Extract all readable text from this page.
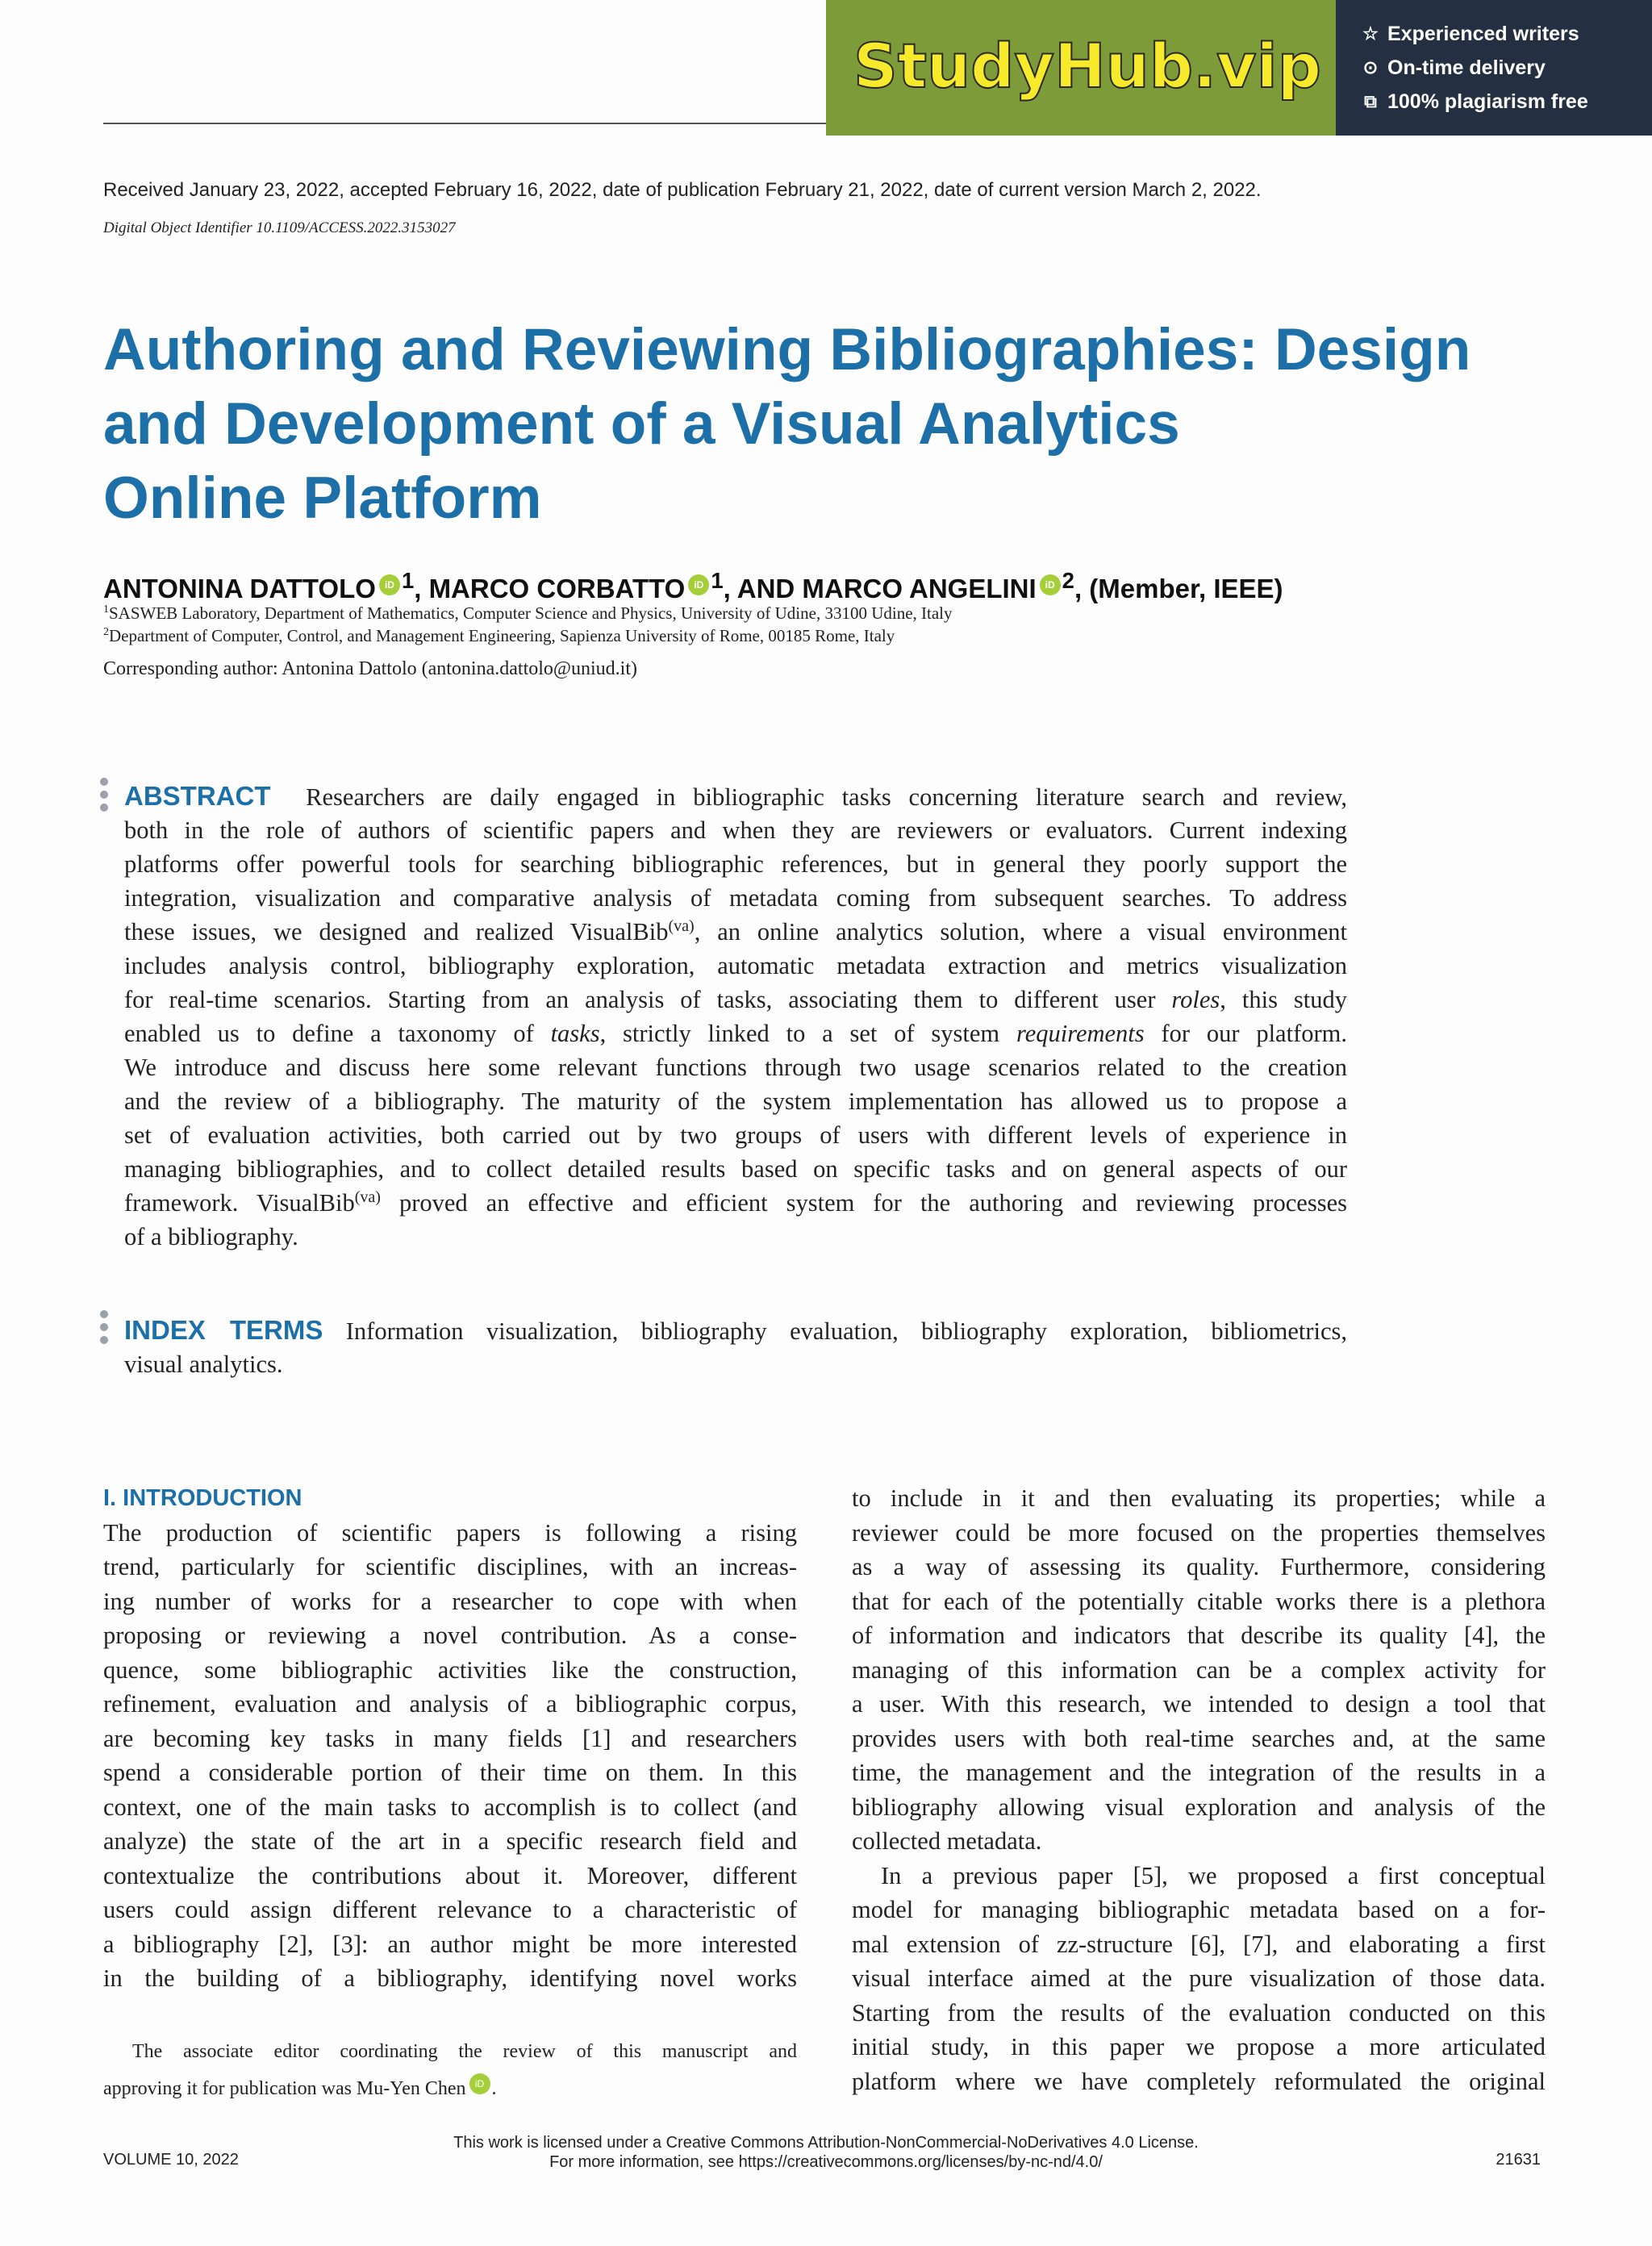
StudyHub.vip ☆ Experienced writers
⊙ On-time delivery
⧉ 100% plagiarism free
Received January 23, 2022, accepted February 16, 2022, date of publication February 21, 2022, date of current version March 2, 2022.
Digital Object Identifier 10.1109/ACCESS.2022.3153027
Authoring and Reviewing Bibliographies: Design
and Development of a Visual Analytics
Online Platform
ANTONINA DATTOLO iD $^1$, MARCO CORBATTO iD $^1$, AND MARCO ANGELINI iD $^2$, (Member, IEEE)
$^1$SASWEB Laboratory, Department of Mathematics, Computer Science and Physics, University of Udine, 33100 Udine, Italy
$^2$Department of Computer, Control, and Management Engineering, Sapienza University of Rome, 00185 Rome, Italy
Corresponding author: Antonina Dattolo (antonina.dattolo@uniud.it)
ABSTRACT Researchers are daily engaged in bibliographic tasks concerning literature search and review,
both in the role of authors of scientific papers and when they are reviewers or evaluators. Current indexing
platforms offer powerful tools for searching bibliographic references, but in general they poorly support the
integration, visualization and comparative analysis of metadata coming from subsequent searches. To address
these issues, we designed and realized VisualBib$^{(va)}$, an online analytics solution, where a visual environment
includes analysis control, bibliography exploration, automatic metadata extraction and metrics visualization
for real-time scenarios. Starting from an analysis of tasks, associating them to different user roles, this study
enabled us to define a taxonomy of tasks, strictly linked to a set of system requirements for our platform.
We introduce and discuss here some relevant functions through two usage scenarios related to the creation
and the review of a bibliography. The maturity of the system implementation has allowed us to propose a
set of evaluation activities, both carried out by two groups of users with different levels of experience in
managing bibliographies, and to collect detailed results based on specific tasks and on general aspects of our
framework. VisualBib$^{(va)}$ proved an effective and efficient system for the authoring and reviewing processes
of a bibliography.
INDEX TERMS Information visualization, bibliography evaluation, bibliography exploration, bibliometrics,
visual analytics.
I. INTRODUCTION
The production of scientific papers is following a rising
trend, particularly for scientific disciplines, with an increas-
ing number of works for a researcher to cope with when
proposing or reviewing a novel contribution. As a conse-
quence, some bibliographic activities like the construction,
refinement, evaluation and analysis of a bibliographic corpus,
are becoming key tasks in many fields [1] and researchers
spend a considerable portion of their time on them. In this
context, one of the main tasks to accomplish is to collect (and
analyze) the state of the art in a specific research field and
contextualize the contributions about it. Moreover, different
users could assign different relevance to a characteristic of
a bibliography [2], [3]: an author might be more interested
in the building of a bibliography, identifying novel works
to include in it and then evaluating its properties; while a
reviewer could be more focused on the properties themselves
as a way of assessing its quality. Furthermore, considering
that for each of the potentially citable works there is a plethora
of information and indicators that describe its quality [4], the
managing of this information can be a complex activity for
a user. With this research, we intended to design a tool that
provides users with both real-time searches and, at the same
time, the management and the integration of the results in a
bibliography allowing visual exploration and analysis of the
collected metadata.
In a previous paper [5], we proposed a first conceptual
model for managing bibliographic metadata based on a for-
mal extension of zz-structure [6], [7], and elaborating a first
visual interface aimed at the pure visualization of those data.
Starting from the results of the evaluation conducted on this
initial study, in this paper we propose a more articulated
platform where we have completely reformulated the original
The associate editor coordinating the review of this manuscript and
approving it for publication was Mu-Yen Chen iD .
This work is licensed under a Creative Commons Attribution-NonCommercial-NoDerivatives 4.0 License.
For more information, see https://creativecommons.org/licenses/by-nc-nd/4.0/
VOLUME 10, 2022	21631
